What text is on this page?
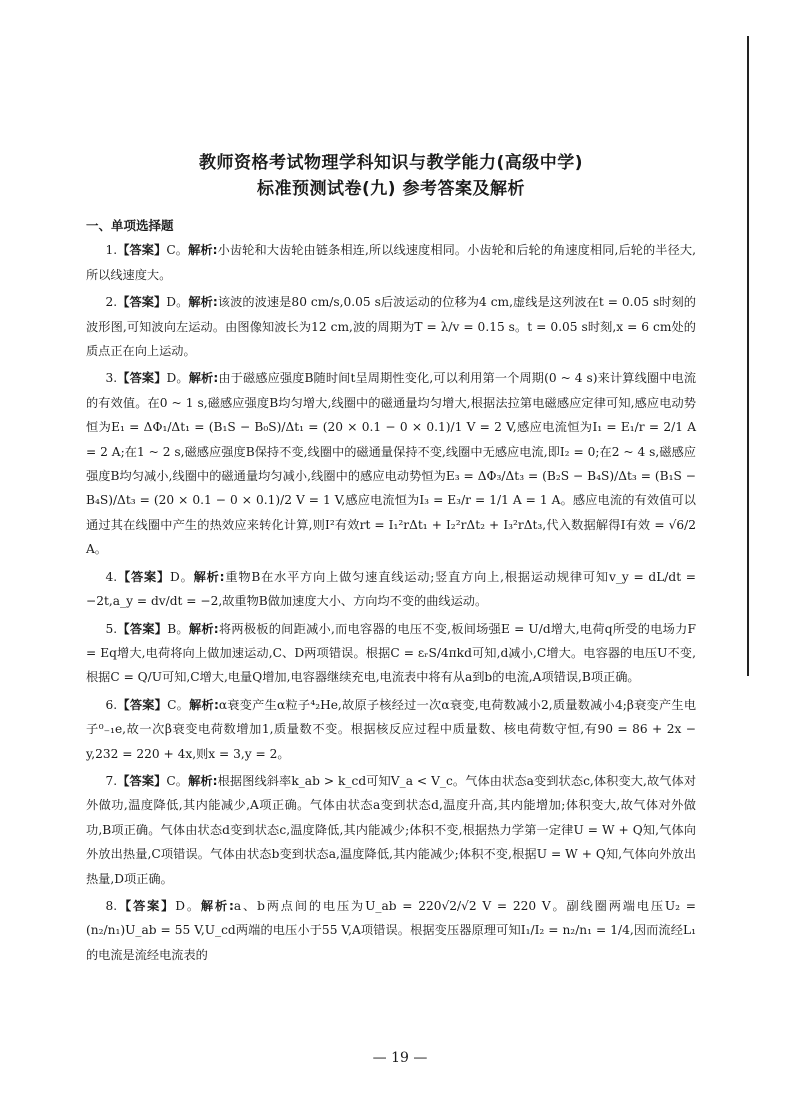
教师资格考试物理学科知识与教学能力(高级中学)
标准预测试卷(九) 参考答案及解析

一、单项选择题

1.【答案】C。解析:小齿轮和大齿轮由链条相连,所以线速度相同。小齿轮和后轮的角速度相同,后轮的半径大,所以线速度大。

2.【答案】D。解析:该波的波速是80 cm/s,0.05 s后波运动的位移为4 cm,虚线是这列波在t = 0.05 s时刻的波形图,可知波向左运动。由图像知波长为12 cm,波的周期为T = λ/v = 0.15 s。t = 0.05 s时刻,x = 6 cm处的质点正在向上运动。

3.【答案】D。解析:由于磁感应强度B随时间t呈周期性变化,可以利用第一个周期(0 ~ 4 s)来计算线圈中电流的有效值。在0 ~ 1 s,磁感应强度B均匀增大,线圈中的磁通量均匀增大,根据法拉第电磁感应定律可知,感应电动势恒为E₁ = ΔΦ₁/Δt₁ = (B₁S − B₀S)/Δt₁ = (20 × 0.1 − 0 × 0.1)/1 V = 2 V,感应电流恒为I₁ = E₁/r = 2/1 A = 2 A;在1 ~ 2 s,磁感应强度B保持不变,线圈中的磁通量保持不变,线圈中无感应电流,即I₂ = 0;在2 ~ 4 s,磁感应强度B均匀减小,线圈中的磁通量均匀减小,线圈中的感应电动势恒为E₃ = ΔΦ₃/Δt₃ = (B₂S − B₄S)/Δt₃ = (B₁S − B₄S)/Δt₃ = (20 × 0.1 − 0 × 0.1)/2 V = 1 V,感应电流恒为I₃ = E₃/r = 1/1 A = 1 A。感应电流的有效值可以通过其在线圈中产生的热效应来转化计算,则I²有效rt = I₁²rΔt₁ + I₂²rΔt₂ + I₃²rΔt₃,代入数据解得I有效 = √6/2 A。

4.【答案】D。解析:重物B在水平方向上做匀速直线运动;竖直方向上,根据运动规律可知v_y = dL/dt = −2t,a_y = dv/dt = −2,故重物B做加速度大小、方向均不变的曲线运动。

5.【答案】B。解析:将两极板的间距减小,而电容器的电压不变,板间场强E = U/d增大,电荷q所受的电场力F = Eq增大,电荷将向上做加速运动,C、D两项错误。根据C = εᵣS/4πkd可知,d减小,C增大。电容器的电压U不变,根据C = Q/U可知,C增大,电量Q增加,电容器继续充电,电流表中将有从a到b的电流,A项错误,B项正确。

6.【答案】C。解析:α衰变产生α粒子⁴₂He,故原子核经过一次α衰变,电荷数减小2,质量数减小4;β衰变产生电子⁰₋₁e,故一次β衰变电荷数增加1,质量数不变。根据核反应过程中质量数、核电荷数守恒,有90 = 86 + 2x − y,232 = 220 + 4x,则x = 3,y = 2。

7.【答案】C。解析:根据图线斜率k_ab > k_cd可知V_a < V_c。气体由状态a变到状态c,体积变大,故气体对外做功,温度降低,其内能减少,A项正确。气体由状态a变到状态d,温度升高,其内能增加;体积变大,故气体对外做功,B项正确。气体由状态d变到状态c,温度降低,其内能减少;体积不变,根据热力学第一定律U = W + Q知,气体向外放出热量,C项错误。气体由状态b变到状态a,温度降低,其内能减少;体积不变,根据U = W + Q知,气体向外放出热量,D项正确。

8.【答案】D。解析:a、b两点间的电压为U_ab = 220√2/√2 V = 220 V。副线圈两端电压U₂ = (n₂/n₁)U_ab = 55 V,U_cd两端的电压小于55 V,A项错误。根据变压器原理可知I₁/I₂ = n₂/n₁ = 1/4,因而流经L₁的电流是流经电流表的

— 19 —
